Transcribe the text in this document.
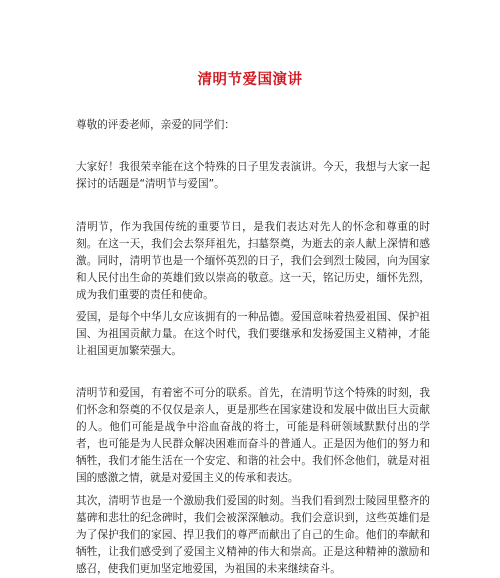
清明节爱国演讲

尊敬的评委老师，亲爱的同学们：

大家好！我很荣幸能在这个特殊的日子里发表演讲。今天，我想与大家一起探讨的话题是“清明节与爱国”。

清明节，作为我国传统的重要节日，是我们表达对先人的怀念和尊重的时刻。在这一天，我们会去祭拜祖先，扫墓祭奠，为逝去的亲人献上深情和感激。同时，清明节也是一个缅怀英烈的日子，我们会到烈士陵园，向为国家和人民付出生命的英雄们致以崇高的敬意。这一天，铭记历史，缅怀先烈，成为我们重要的责任和使命。

爱国，是每个中华儿女应该拥有的一种品德。爱国意味着热爱祖国、保护祖国、为祖国贡献力量。在这个时代，我们要继承和发扬爱国主义精神，才能让祖国更加繁荣强大。

清明节和爱国，有着密不可分的联系。首先，在清明节这个特殊的时刻，我们怀念和祭奠的不仅仅是亲人，更是那些在国家建设和发展中做出巨大贡献的人。他们可能是战争中浴血奋战的将士，可能是科研领域默默付出的学者，也可能是为人民群众解决困难而奋斗的普通人。正是因为他们的努力和牺牲，我们才能生活在一个安定、和谐的社会中。我们怀念他们，就是对祖国的感激之情，就是对爱国主义的传承和表达。

其次，清明节也是一个激励我们爱国的时刻。当我们看到烈士陵园里整齐的墓碑和悲壮的纪念碑时，我们会被深深触动。我们会意识到，这些英雄们是为了保护我们的家园、捍卫我们的尊严而献出了自己的生命。他们的奉献和牺牲，让我们感受到了爱国主义精神的伟大和崇高。正是这种精神的激励和感召，使我们更加坚定地爱国，为祖国的未来继续奋斗。
